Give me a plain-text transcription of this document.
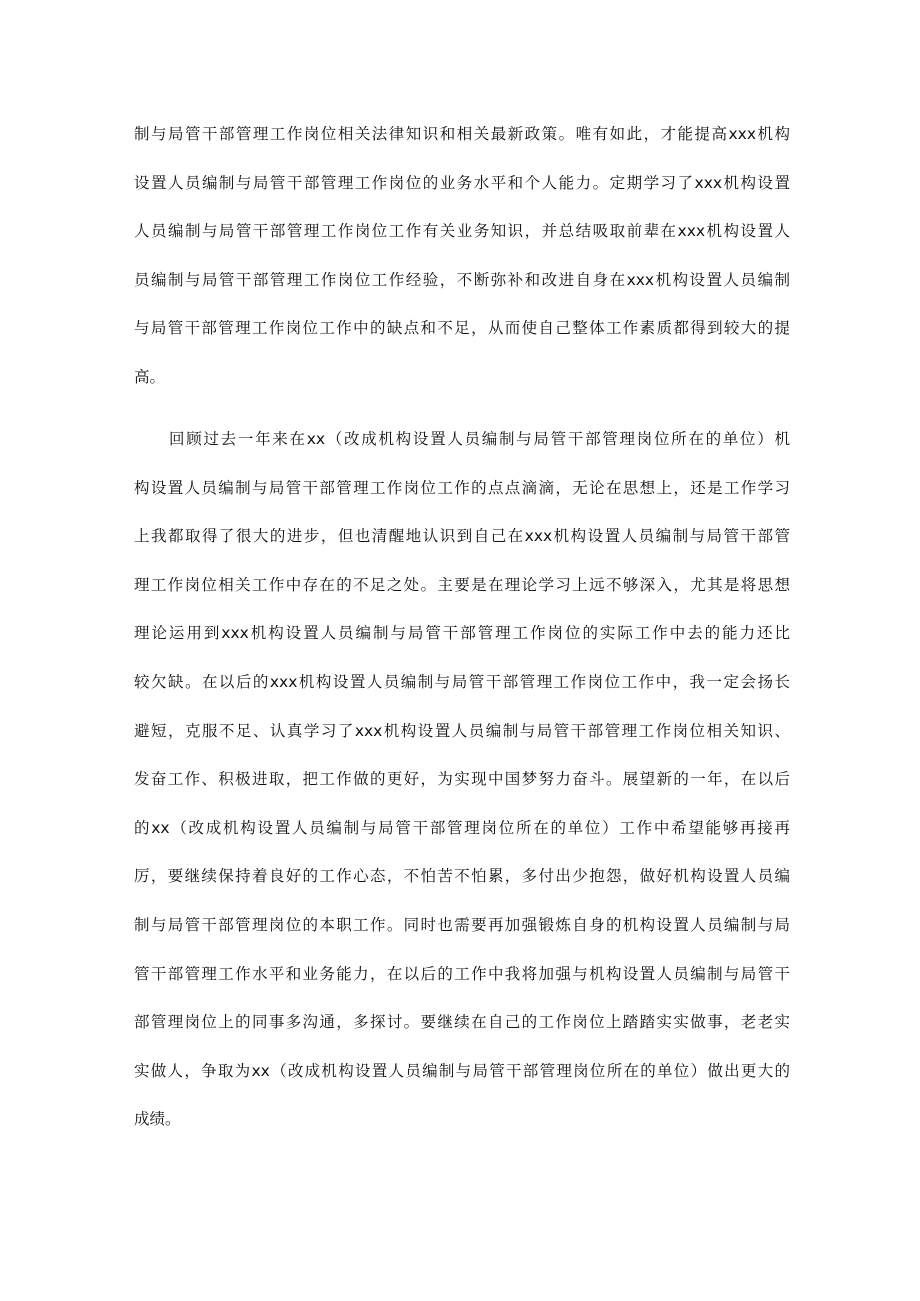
制与局管干部管理工作岗位相关法律知识和相关最新政策。唯有如此，才能提高xxx机构
设置人员编制与局管干部管理工作岗位的业务水平和个人能力。定期学习了xxx机构设置
人员编制与局管干部管理工作岗位工作有关业务知识，并总结吸取前辈在xxx机构设置人
员编制与局管干部管理工作岗位工作经验，不断弥补和改进自身在xxx机构设置人员编制
与局管干部管理工作岗位工作中的缺点和不足，从而使自己整体工作素质都得到较大的提
高。
回顾过去一年来在xx（改成机构设置人员编制与局管干部管理岗位所在的单位）机
构设置人员编制与局管干部管理工作岗位工作的点点滴滴，无论在思想上，还是工作学习
上我都取得了很大的进步，但也清醒地认识到自己在xxx机构设置人员编制与局管干部管
理工作岗位相关工作中存在的不足之处。主要是在理论学习上远不够深入，尤其是将思想
理论运用到xxx机构设置人员编制与局管干部管理工作岗位的实际工作中去的能力还比
较欠缺。在以后的xxx机构设置人员编制与局管干部管理工作岗位工作中，我一定会扬长
避短，克服不足、认真学习了xxx机构设置人员编制与局管干部管理工作岗位相关知识、
发奋工作、积极进取，把工作做的更好，为实现中国梦努力奋斗。展望新的一年，在以后
的xx（改成机构设置人员编制与局管干部管理岗位所在的单位）工作中希望能够再接再
厉，要继续保持着良好的工作心态，不怕苦不怕累，多付出少抱怨，做好机构设置人员编
制与局管干部管理岗位的本职工作。同时也需要再加强锻炼自身的机构设置人员编制与局
管干部管理工作水平和业务能力，在以后的工作中我将加强与机构设置人员编制与局管干
部管理岗位上的同事多沟通，多探讨。要继续在自己的工作岗位上踏踏实实做事，老老实
实做人，争取为xx（改成机构设置人员编制与局管干部管理岗位所在的单位）做出更大的
成绩。
